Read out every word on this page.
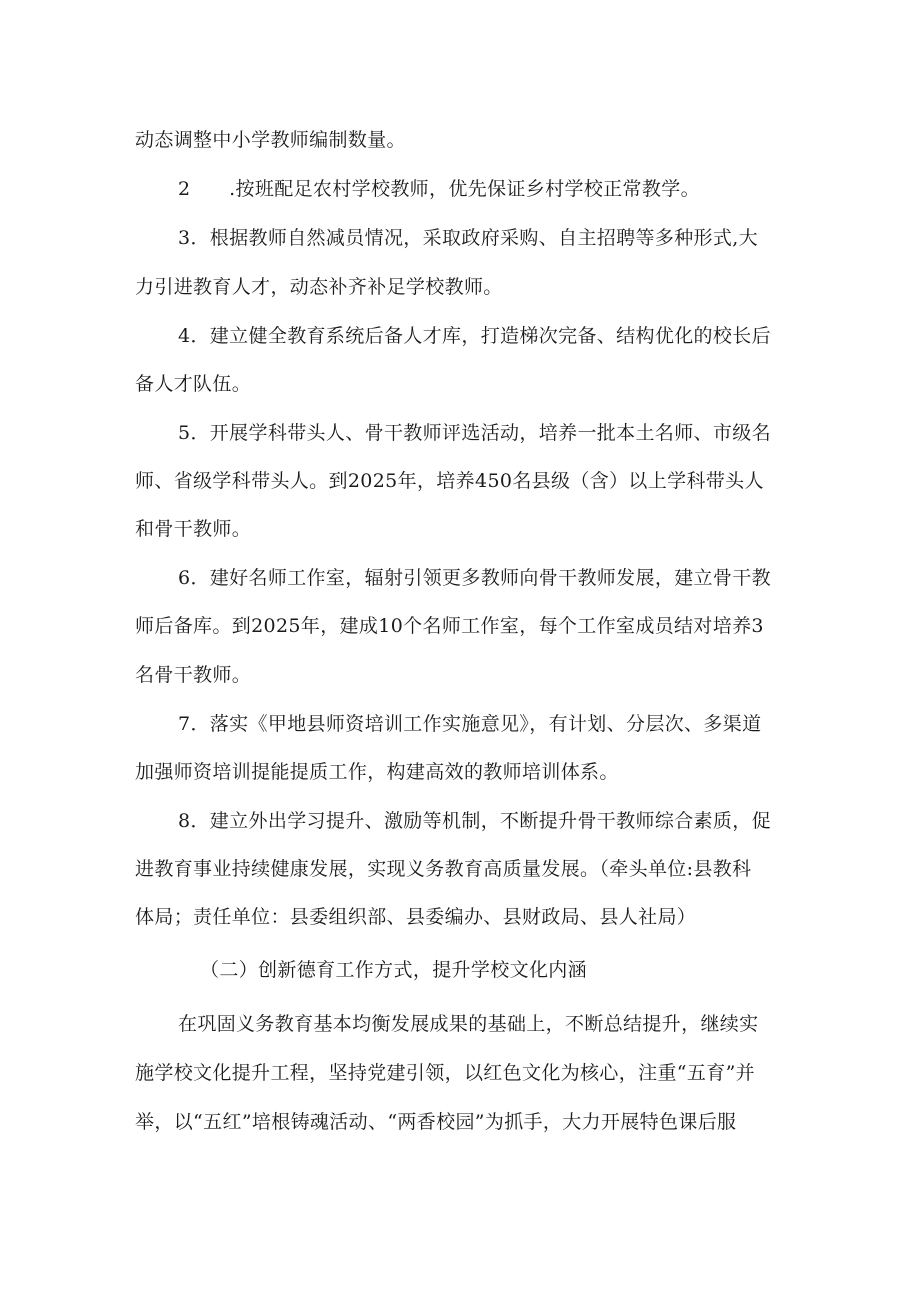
动态调整中小学教师编制数量。
2　　.按班配足农村学校教师，优先保证乡村学校正常教学。
3．根据教师自然减员情况，采取政府采购、自主招聘等多种形式,大
力引进教育人才，动态补齐补足学校教师。
4．建立健全教育系统后备人才库，打造梯次完备、结构优化的校长后
备人才队伍。
5．开展学科带头人、骨干教师评选活动，培养一批本土名师、市级名
师、省级学科带头人。到2025年，培养450名县级（含）以上学科带头人
和骨干教师。
6．建好名师工作室，辐射引领更多教师向骨干教师发展，建立骨干教
师后备库。到2025年，建成10个名师工作室，每个工作室成员结对培养3
名骨干教师。
7．落实《甲地县师资培训工作实施意见》，有计划、分层次、多渠道
加强师资培训提能提质工作，构建高效的教师培训体系。
8．建立外出学习提升、激励等机制，不断提升骨干教师综合素质，促
进教育事业持续健康发展，实现义务教育高质量发展。（牵头单位:县教科
体局；责任单位：县委组织部、县委编办、县财政局、县人社局）
（二）创新德育工作方式，提升学校文化内涵
在巩固义务教育基本均衡发展成果的基础上，不断总结提升，继续实
施学校文化提升工程，坚持党建引领，以红色文化为核心，注重“五育”并
举，以“五红”培根铸魂活动、“两香校园”为抓手，大力开展特色课后服
